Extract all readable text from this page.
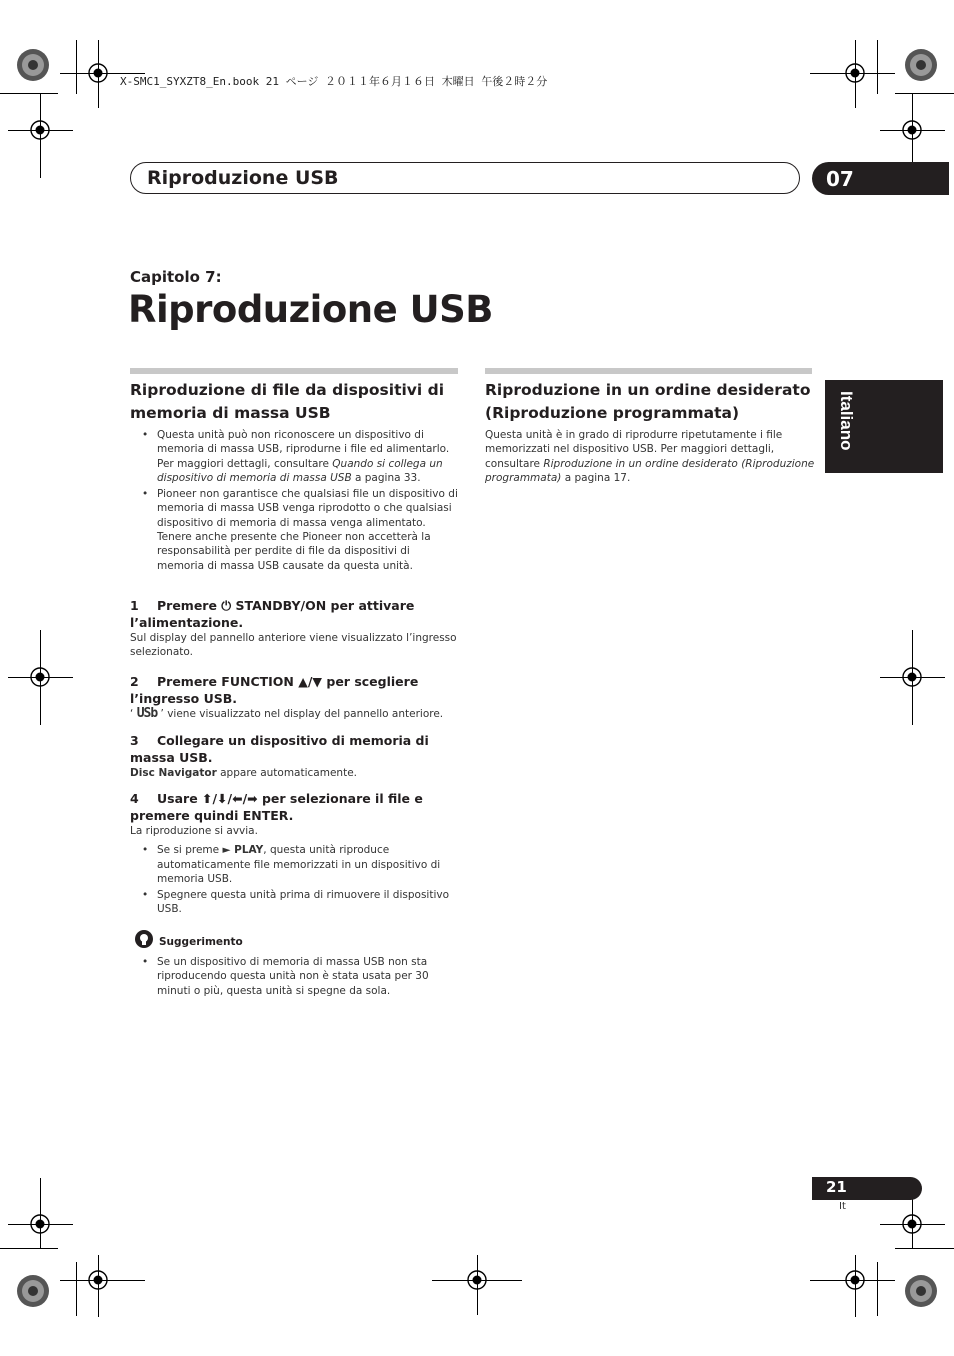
X-SMC1_SYXZT8_En.book 21 ページ ２０１１年６月１６日 木曜日 午後２時２分
Riproduzione USB	07
Capitolo 7:
Riproduzione USB
Italiano
Riproduzione di file da dispositivi di memoria di massa USB
• Questa unità può non riconoscere un dispositivo di memoria di massa USB, riprodurne i file ed alimentarlo. Per maggiori dettagli, consultare Quando si collega un dispositivo di memoria di massa USB a pagina 33.
• Pioneer non garantisce che qualsiasi file un dispositivo di memoria di massa USB venga riprodotto o che qualsiasi dispositivo di memoria di massa venga alimentato. Tenere anche presente che Pioneer non accetterà la responsabilità per perdite di file da dispositivi di memoria di massa USB causate da questa unità.

1 Premere ⏻ STANDBY/ON per attivare l’alimentazione.

Sul display del pannello anteriore viene visualizzato l’ingresso selezionato.

2 Premere FUNCTION ▲/▼ per scegliere l’ingresso USB.

‘ USb ’ viene visualizzato nel display del pannello anteriore.

3 Collegare un dispositivo di memoria di massa USB.

Disc Navigator appare automaticamente.

4 Usare ⬆/⬇/⬅/➡ per selezionare il file e premere quindi ENTER.

La riproduzione si avvia.

• Se si preme ► PLAY, questa unità riproduce automaticamente file memorizzati in un dispositivo di memoria USB.
• Spegnere questa unità prima di rimuovere il dispositivo USB.
Suggerimento
• Se un dispositivo di memoria di massa USB non sta riproducendo questa unità non è stata usata per 30 minuti o più, questa unità si spegne da sola.
Riproduzione in un ordine desiderato (Riproduzione programmata)

Questa unità è in grado di riprodurre ripetutamente i file memorizzati nel dispositivo USB. Per maggiori dettagli, consultare Riproduzione in un ordine desiderato (Riproduzione programmata) a pagina 17.

21
It
